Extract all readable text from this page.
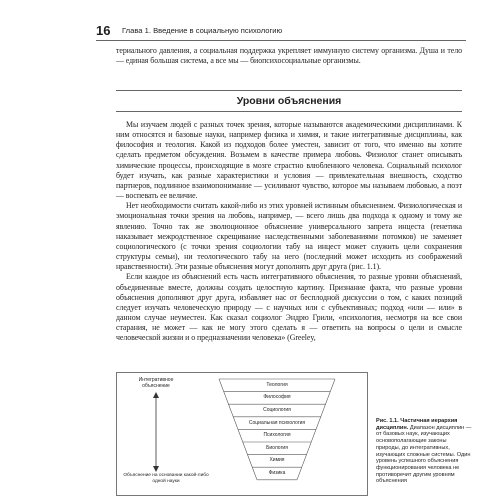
16 Глава 1. Введение в социальную психологию

териального давления, а социальная поддержка укрепляет иммунную систему организма. Душа и тело — единая большая система, а все мы — биопсихосоциальные организмы.

Уровни объяснения

Мы изучаем людей с разных точек зрения, которые называются академическими дисциплинами. К ним относятся и базовые науки, например физика и химия, и такие интегративные дисциплины, как философия и теология. Какой из подходов более уместен, зависит от того, что именно вы хотите сделать предметом обсуждения. Возьмем в качестве примера любовь. Физиолог станет описывать химические процессы, происходящие в мозге страстно влюбленного человека. Социальный психолог будет изучать, как разные характеристики и условия — привлекательная внешность, сходство партнеров, подлинное взаимопонимание — усиливают чувство, которое мы называем любовью, а поэт — воспевать ее величие.

Нет необходимости считать какой-либо из этих уровней истинным объяснением. Физиологическая и эмоциональная точки зрения на любовь, например, — всего лишь два подхода к одному и тому же явлению. Точно так же эволюционное объяснение универсального запрета инцеста (генетика наказывает межродственное скрещивание наследственными заболеваниями потомков) не заменяет социологического (с точки зрения социологии табу на инцест может служить цели сохранения структуры семьи), ни теологического табу на него (последний может исходить из соображений нравственности). Эти разные объяснения могут дополнять друг друга (рис. 1.1).

Если каждое из объяснений есть часть интегративного объяснения, то разные уровни объяснений, объединенные вместе, должны создать целостную картину. Признание факта, что разные уровни объяснения дополняют друг друга, избавляет нас от бесплодной дискуссии о том, с каких позиций следует изучать человеческую природу — с научных или с субъективных; подход «или — или» в данном случае неуместен. Как сказал социолог Эндрю Грили, «психология, несмотря на все свои старания, не может — как не могу этого сделать я — ответить на вопросы о цели и смысле человеческой жизни и о предназначении человека» (Greeley,

Интегративное объяснение
Объяснение на основании какой-либо одной науки
Теология
Философия
Социология
Социальная психология
Психология
Биология
Химия
Физика
Рис. 1.1. Частичная иерархия дисциплин. Диапазон дисциплин — от базовых наук, изучающих основополагающие законы природы, до интегративных, изучающих сложные системы. Один уровень успешного объяснения функционирования человека не противоречит другим уровням объяснения
